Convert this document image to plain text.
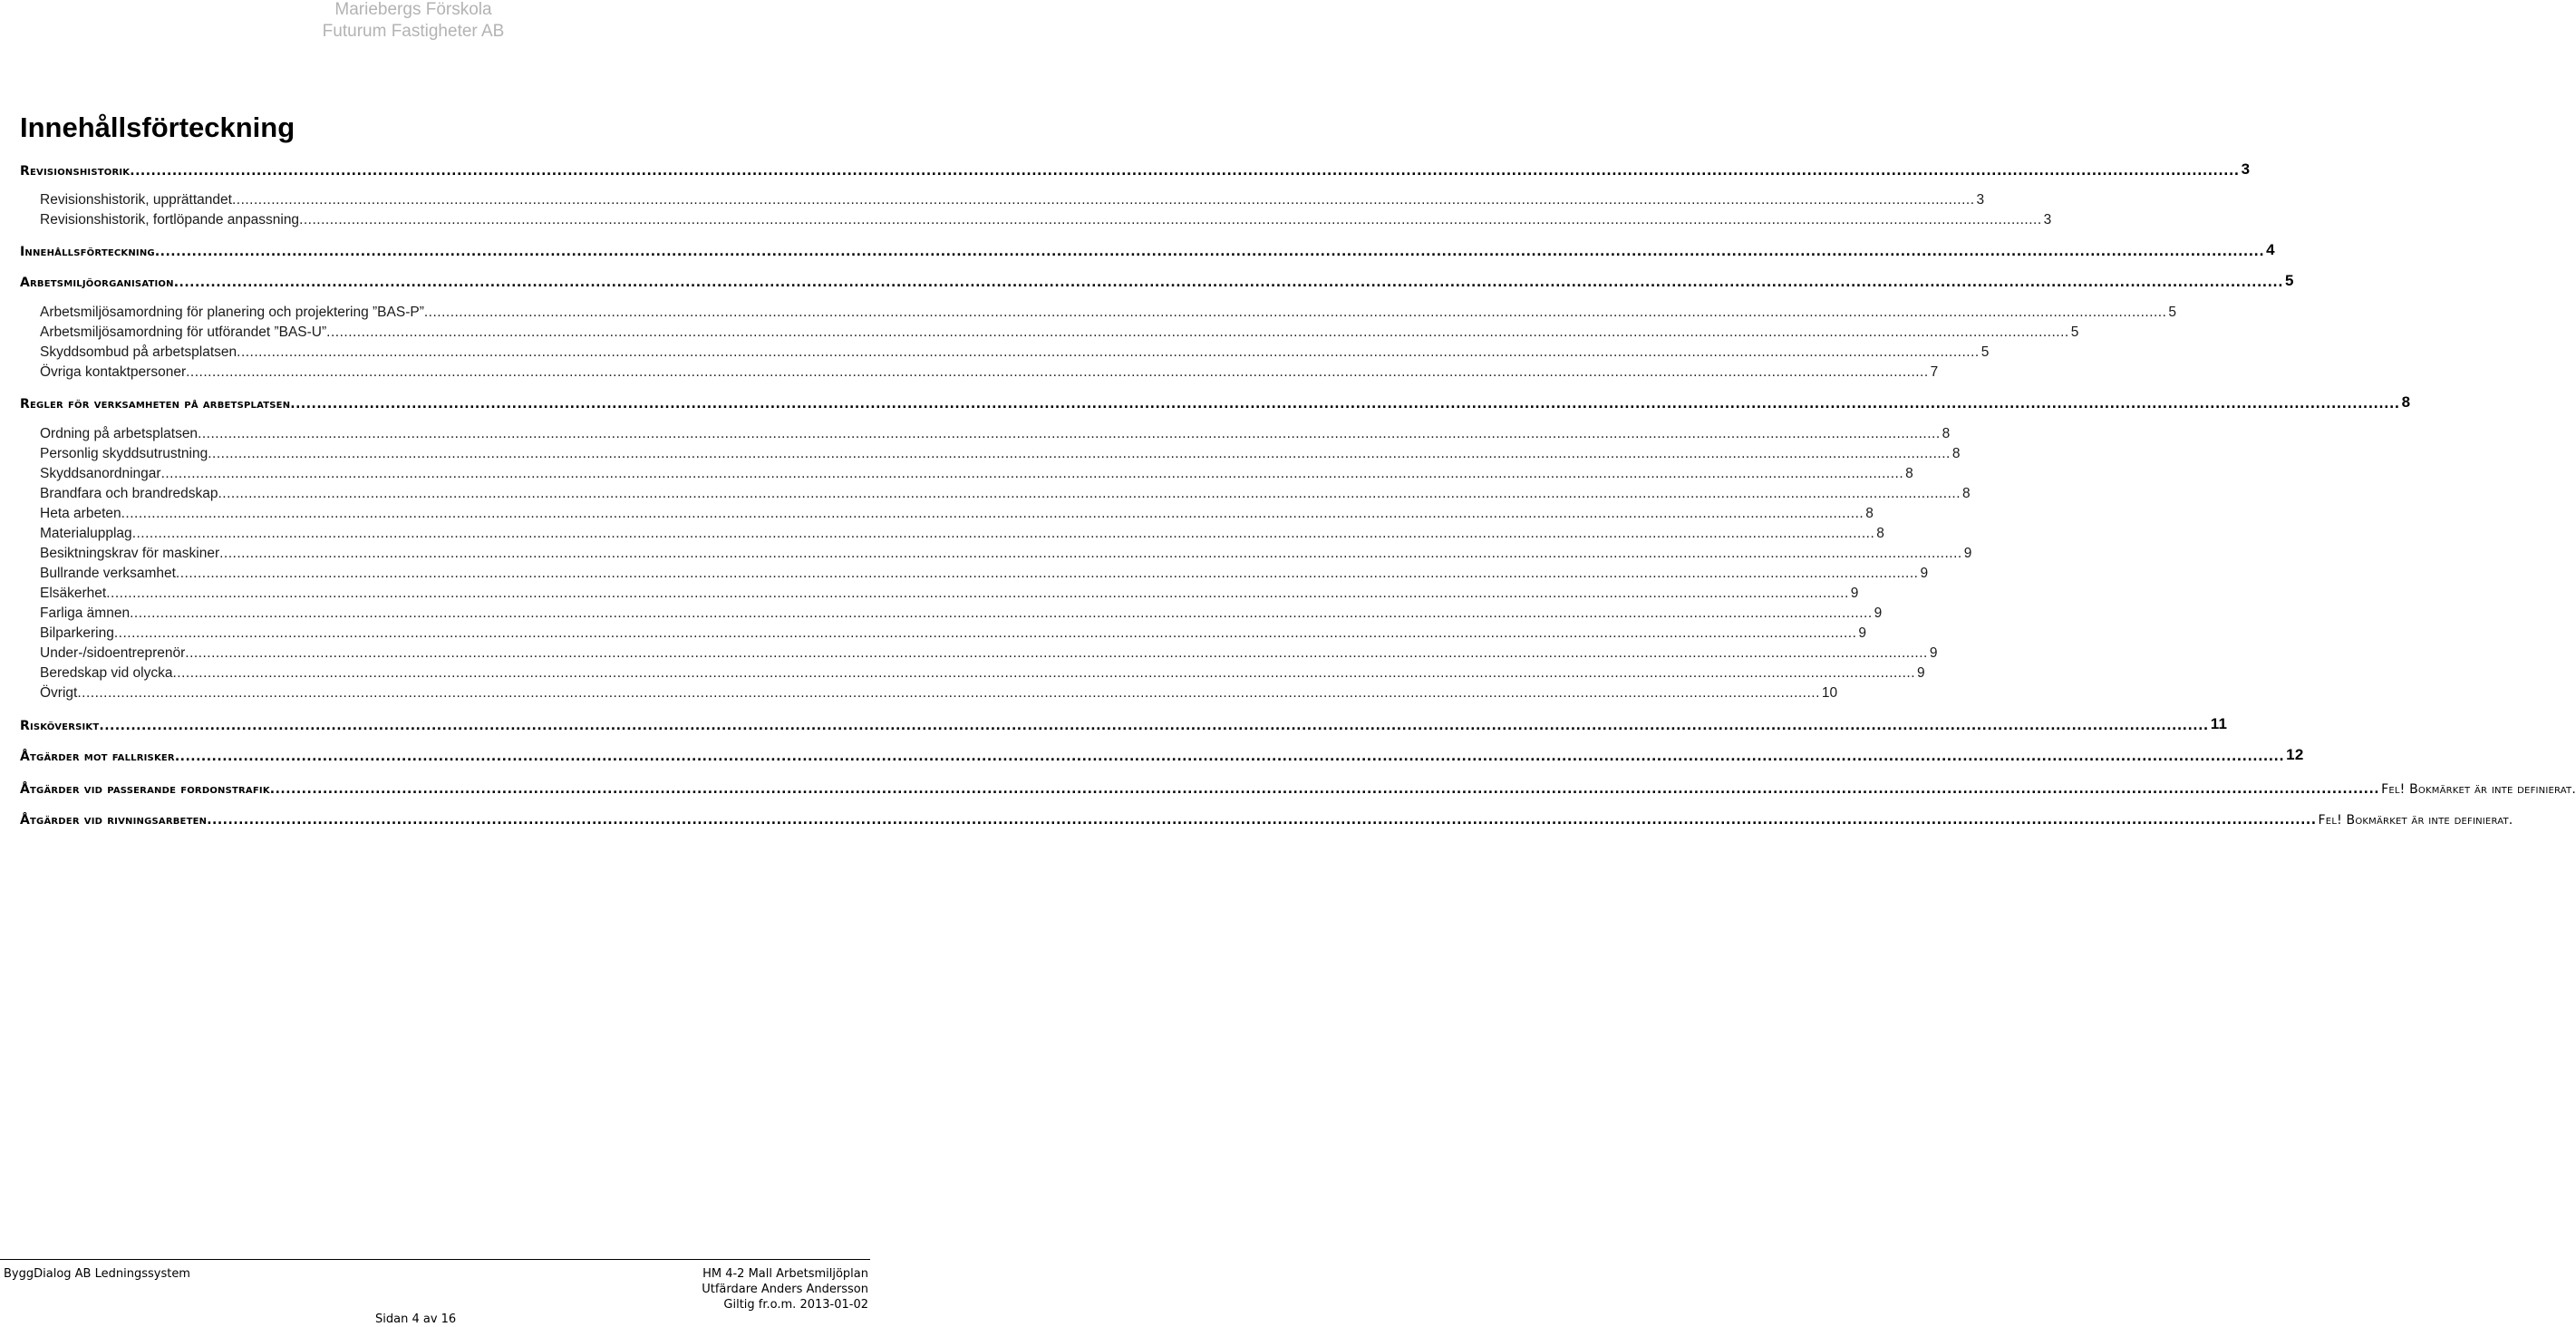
Mariebergs Förskola
Futurum Fastigheter AB
Innehållsförteckning
Revisionshistorik ................................................................................................................................................................................................................................................................................................................................................................................................................ 3
Revisionshistorik, upprättandet ................................................................................................................................................................................................................................................................................................................................................................................................................ 3
Revisionshistorik, fortlöpande anpassning ................................................................................................................................................................................................................................................................................................................................................................................................................ 3
Innehållsförteckning ................................................................................................................................................................................................................................................................................................................................................................................................................ 4
Arbetsmiljöorganisation ................................................................................................................................................................................................................................................................................................................................................................................................................ 5
Arbetsmiljösamordning för planering och projektering ”BAS-P” ................................................................................................................................................................................................................................................................................................................................................................................................................ 5
Arbetsmiljösamordning för utförandet ”BAS-U” ................................................................................................................................................................................................................................................................................................................................................................................................................ 5
Skyddsombud på arbetsplatsen ................................................................................................................................................................................................................................................................................................................................................................................................................ 5
Övriga kontaktpersoner ................................................................................................................................................................................................................................................................................................................................................................................................................ 7
Regler för verksamheten på arbetsplatsen ................................................................................................................................................................................................................................................................................................................................................................................................................ 8
Ordning på arbetsplatsen ................................................................................................................................................................................................................................................................................................................................................................................................................ 8
Personlig skyddsutrustning ................................................................................................................................................................................................................................................................................................................................................................................................................ 8
Skyddsanordningar ................................................................................................................................................................................................................................................................................................................................................................................................................ 8
Brandfara och brandredskap ................................................................................................................................................................................................................................................................................................................................................................................................................ 8
Heta arbeten ................................................................................................................................................................................................................................................................................................................................................................................................................ 8
Materialupplag ................................................................................................................................................................................................................................................................................................................................................................................................................ 8
Besiktningskrav för maskiner ................................................................................................................................................................................................................................................................................................................................................................................................................ 9
Bullrande verksamhet ................................................................................................................................................................................................................................................................................................................................................................................................................ 9
Elsäkerhet ................................................................................................................................................................................................................................................................................................................................................................................................................ 9
Farliga ämnen ................................................................................................................................................................................................................................................................................................................................................................................................................ 9
Bilparkering ................................................................................................................................................................................................................................................................................................................................................................................................................ 9
Under-/sidoentreprenör ................................................................................................................................................................................................................................................................................................................................................................................................................ 9
Beredskap vid olycka ................................................................................................................................................................................................................................................................................................................................................................................................................ 9
Övrigt ................................................................................................................................................................................................................................................................................................................................................................................................................ 10
Risköversikt ................................................................................................................................................................................................................................................................................................................................................................................................................ 11
Åtgärder mot fallrisker ................................................................................................................................................................................................................................................................................................................................................................................................................ 12
Åtgärder vid passerande fordonstrafik ................................................................................................................................................................................................................................................................................................................................................................................................................ Fel! Bokmärket är inte definierat.
Åtgärder vid rivningsarbeten ................................................................................................................................................................................................................................................................................................................................................................................................................ Fel! Bokmärket är inte definierat.
ByggDialog AB Ledningssystem
Sidan 4 av 16
HM 4-2 Mall Arbetsmiljöplan
Utfärdare Anders Andersson
Giltig fr.o.m. 2013-01-02
